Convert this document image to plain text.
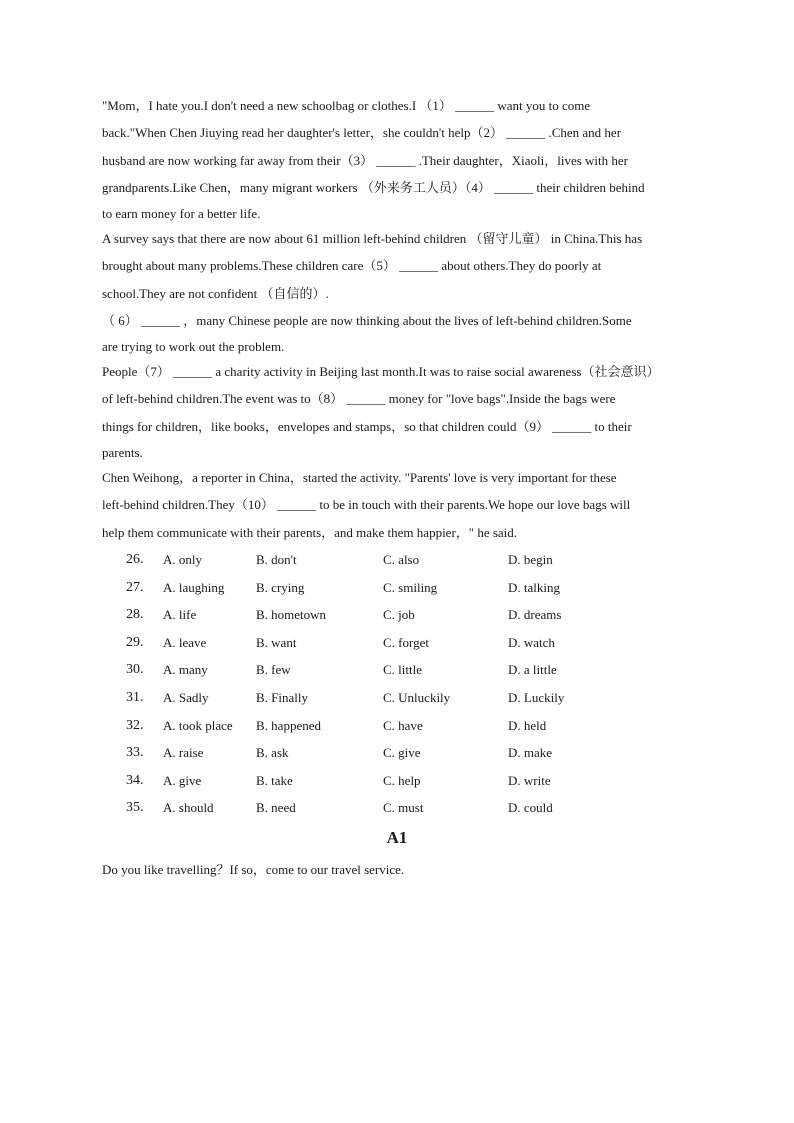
"Mom，I hate you.I don't need a new schoolbag or clothes.I （1） ______ want you to come
back."When Chen Jiuying read her daughter's letter，she couldn't help（2） ______ .Chen and her
husband are now working far away from their（3） ______ .Their daughter，Xiaoli，lives with her
grandparents.Like Chen，many migrant workers （外来务工人员）（4） ______ their children behind
to earn money for a better life.
A survey says that there are now about 61 million left-behind children （留守儿童） in China.This has
brought about many problems.These children care（5） ______ about others.They do poorly at
school.They are not confident （自信的）.
（ 6） ______ ，many Chinese people are now thinking about the lives of left-behind children.Some
are trying to work out the problem.
People（7） ______ a charity activity in Beijing last month.It was to raise social awareness（社会意识）
of left-behind children.The event was to（8） ______ money for "love bags".Inside the bags were
things for children，like books，envelopes and stamps，so that children could（9） ______ to their
parents.
Chen Weihong，a reporter in China，started the activity. "Parents' love is very important for these
left-behind children.They（10） ______ to be in touch with their parents.We hope our love bags will
help them communicate with their parents，and make them happier，" he said.
26. A. only	B. don't	C. also	D. begin
27. A. laughing B. crying	C. smiling	D. talking
28. A. life	B. hometown	C. job	D. dreams
29. A. leave	B. want	C. forget	D. watch
30. A. many	B. few	C. little	D. a little
31. A. Sadly	B. Finally	C. Unluckily	D. Luckily
32. A. took place B. happened	C. have	D. held
33. A. raise	B. ask	C. give	D. make
34. A. give	B. take	C. help	D. write
35. A. should	B. need	C. must	D. could
A1
Do you like travelling？If so，come to our travel service.
